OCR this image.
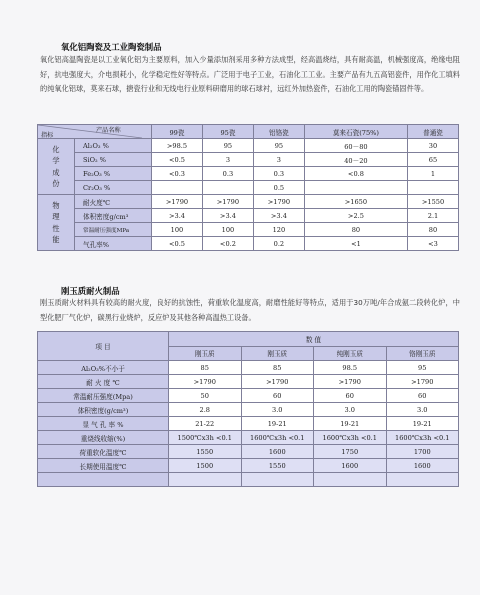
氧化铝陶瓷及工业陶瓷制品
氧化铝高温陶瓷是以工业氧化铝为主要原料，加入少量添加剂采用多种方法成型，经高温烧结，具有耐高温，机械强度高，绝缘电阻好，抗电强度大，介电损耗小，化学稳定性好等特点。广泛用于电子工业，石油化工工业。主要产品有九五高铝瓷件，用作化工填料的纯氧化铝球，莫来石球，搪瓷行业和无线电行业原料研磨用的球石球衬，远红外加热瓷件，石油化工用的陶瓷锚固件等。
产品名称
指标		99瓷	95瓷	铝铬瓷	莫来石瓷(75%)	普通瓷
化
学
成
份	Al₂O₃ %	>98.5	95	95	60－80	30
	SiO₂ %	<0.5	3	3	40－20	65
	Fe₂O₃ %	<0.3	0.3	0.3	<0.8	1
	Cr₂O₃ %			0.5		
物
理
性
能	耐火度℃	>1790	>1790	>1790	>1650	>1550
	体积密度g/cm³	>3.4	>3.4	>3.4	>2.5	2.1
	常温耐压强度MPa	100	100	120	80	80
	气孔率%	<0.5	<0.2	0.2	<1	<3
刚玉质耐火制品
刚玉质耐火材料具有较高的耐火度，良好的抗蚀性，荷重软化温度高，耐磨性能好等特点，适用于30万吨/年合成氨二段转化炉，中型化肥厂气化炉，碳黑行业烧炉，反应炉及其他各种高温热工设备。
项 目	数 值			
	刚玉质	刚玉质	纯刚玉质	铬刚玉质
Al₂O₃%不小于	85	85	98.5	95
耐 火 度 ℃	>1790	>1790	>1790	>1790
常温耐压强度(Mpa)	50	60	60	60
体积密度(g/cm³)	2.8	3.0	3.0	3.0
显 气 孔 率 %	21-22	19-21	19-21	19-21
重烧线收缩(%)	1500℃x3h <0.1	1600℃x3h <0.1	1600℃x3h <0.1	1600℃x3h <0.1
荷重软化温度℃	1550	1600	1750	1700
长期使用温度℃	1500	1550	1600	1600
